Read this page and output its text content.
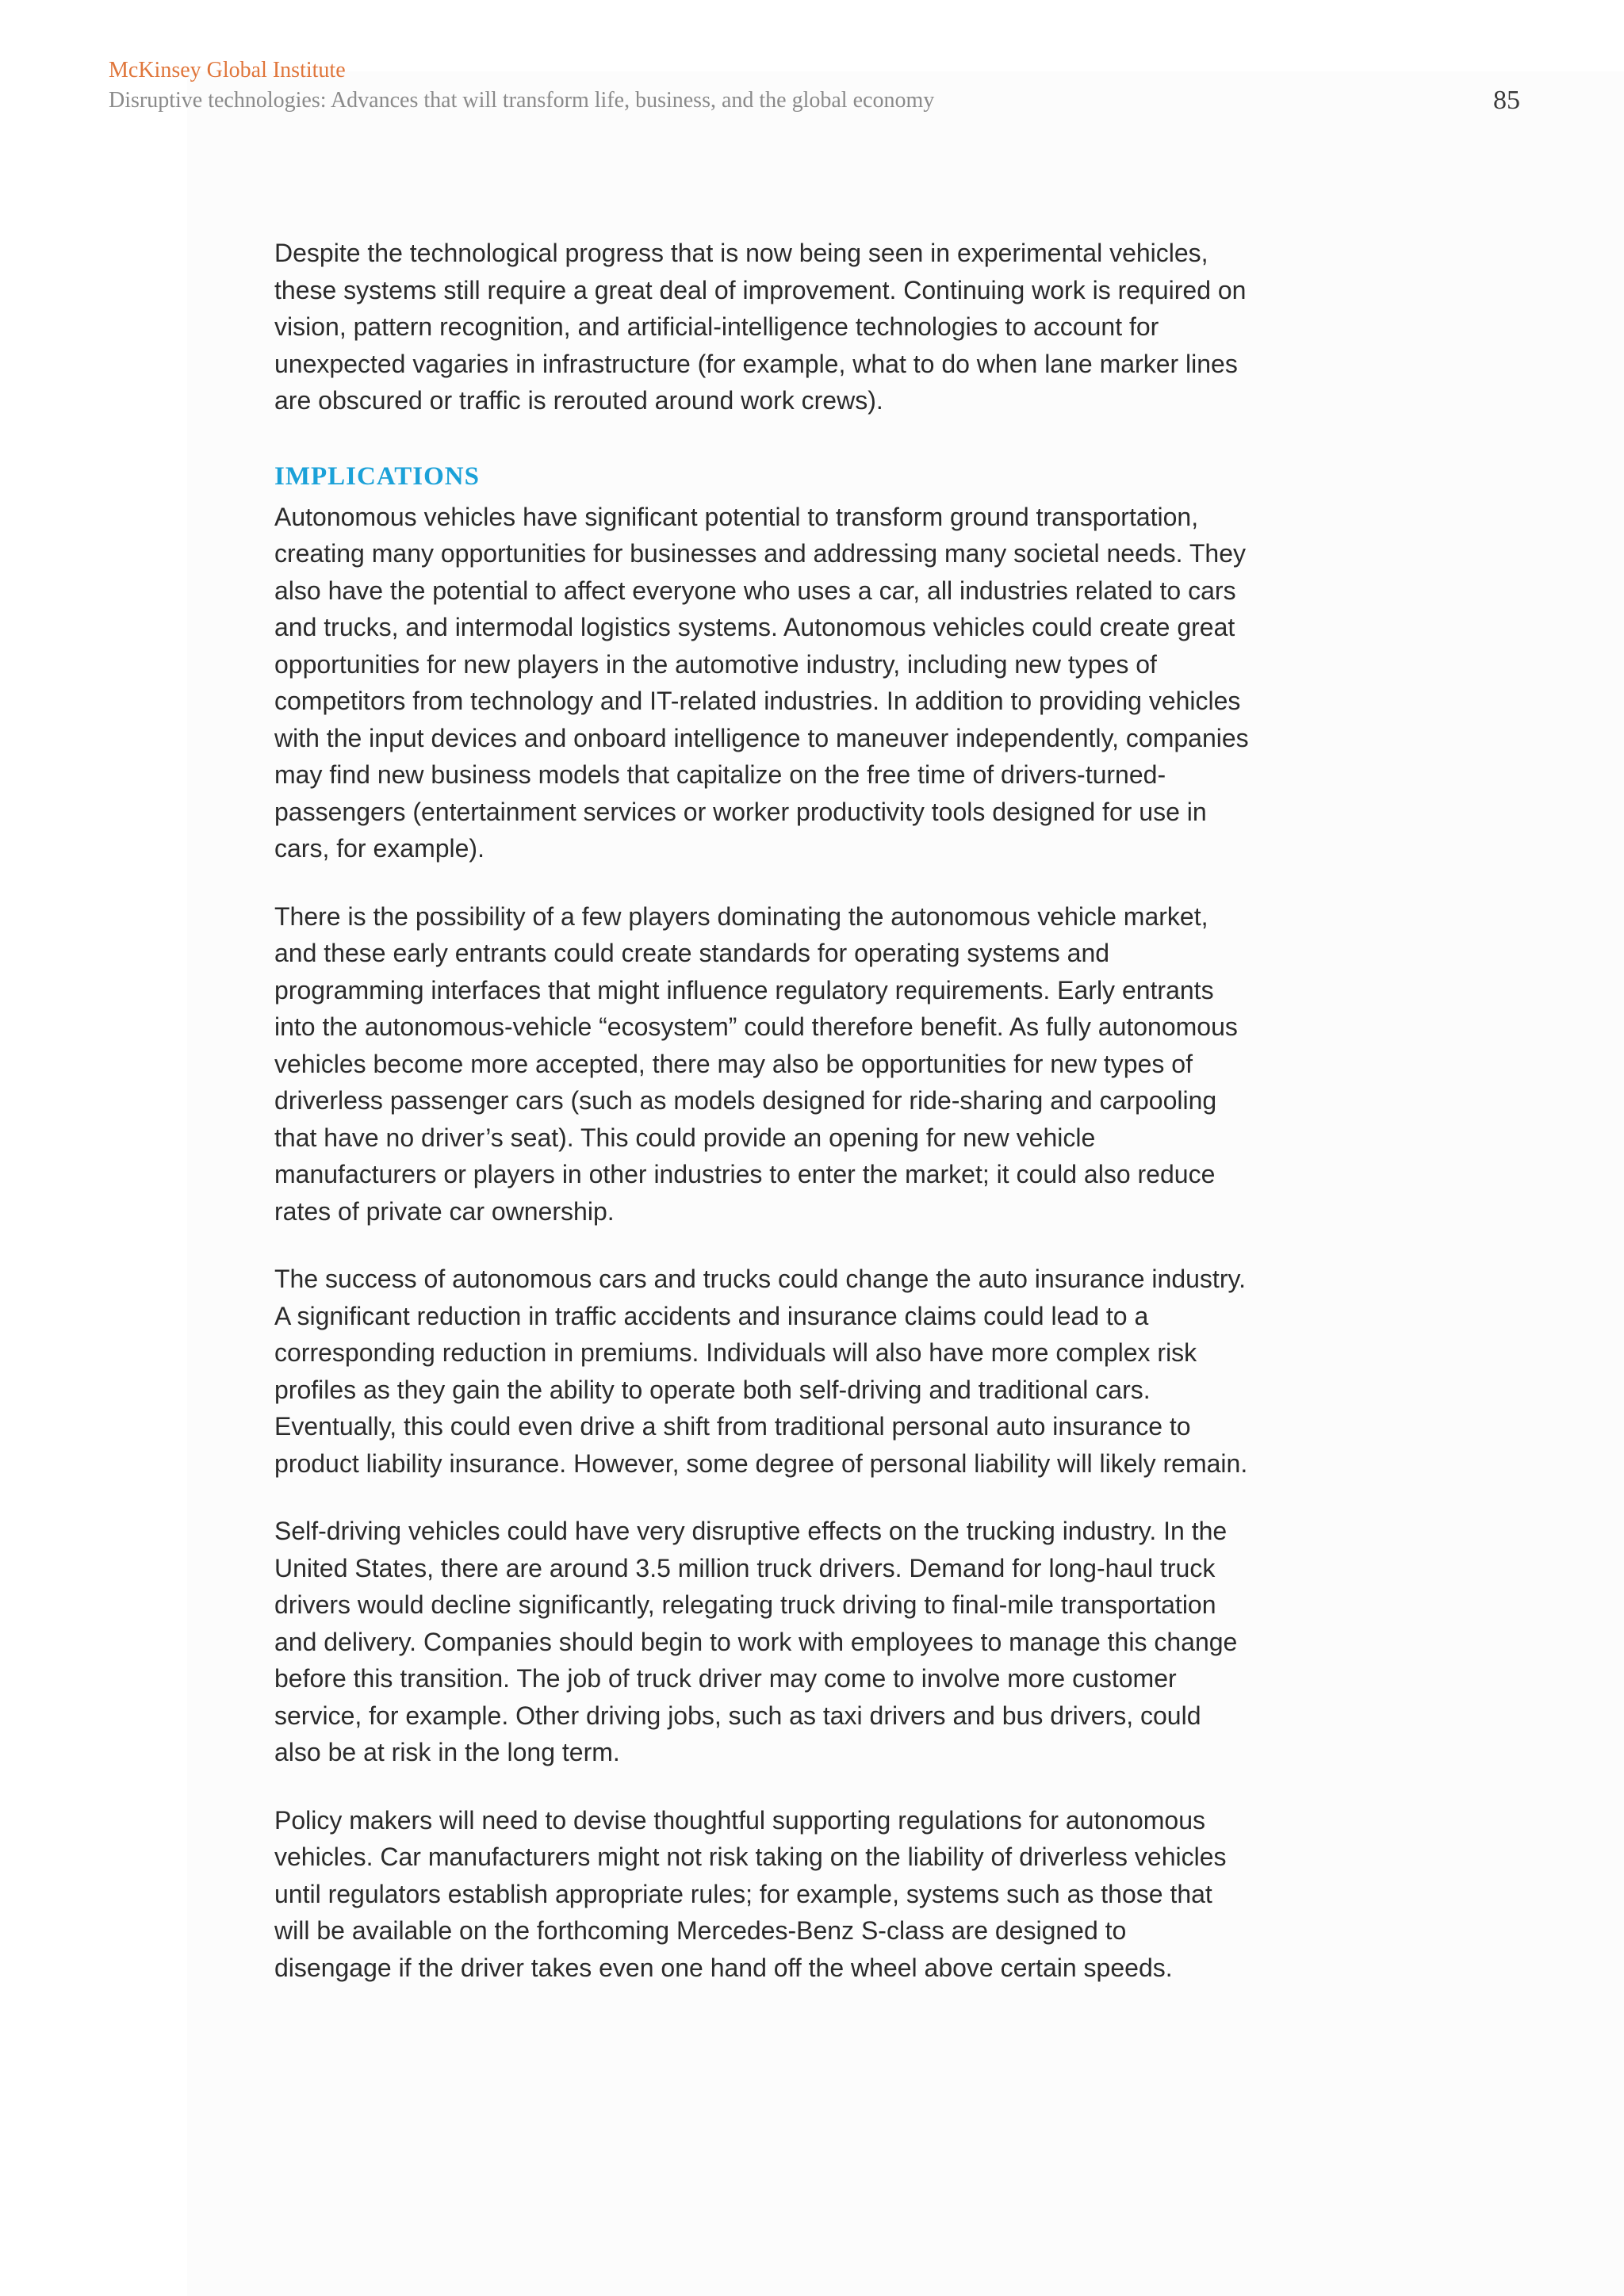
McKinsey Global Institute

Disruptive technologies: Advances that will transform life, business, and the global economy	85

Despite the technological progress that is now being seen in experimental vehicles, these systems still require a great deal of improvement. Continuing work is required on vision, pattern recognition, and artificial-intelligence technologies to account for unexpected vagaries in infrastructure (for example, what to do when lane marker lines are obscured or traffic is rerouted around work crews).

IMPLICATIONS

Autonomous vehicles have significant potential to transform ground transportation, creating many opportunities for businesses and addressing many societal needs. They also have the potential to affect everyone who uses a car, all industries related to cars and trucks, and intermodal logistics systems. Autonomous vehicles could create great opportunities for new players in the automotive industry, including new types of competitors from technology and IT-related industries. In addition to providing vehicles with the input devices and onboard intelligence to maneuver independently, companies may find new business models that capitalize on the free time of drivers-turned-passengers (entertainment services or worker productivity tools designed for use in cars, for example).

There is the possibility of a few players dominating the autonomous vehicle market, and these early entrants could create standards for operating systems and programming interfaces that might influence regulatory requirements. Early entrants into the autonomous-vehicle “ecosystem” could therefore benefit. As fully autonomous vehicles become more accepted, there may also be opportunities for new types of driverless passenger cars (such as models designed for ride-sharing and carpooling that have no driver’s seat). This could provide an opening for new vehicle manufacturers or players in other industries to enter the market; it could also reduce rates of private car ownership.

The success of autonomous cars and trucks could change the auto insurance industry. A significant reduction in traffic accidents and insurance claims could lead to a corresponding reduction in premiums. Individuals will also have more complex risk profiles as they gain the ability to operate both self-driving and traditional cars. Eventually, this could even drive a shift from traditional personal auto insurance to product liability insurance. However, some degree of personal liability will likely remain.

Self-driving vehicles could have very disruptive effects on the trucking industry. In the United States, there are around 3.5 million truck drivers. Demand for long-haul truck drivers would decline significantly, relegating truck driving to final-mile transportation and delivery. Companies should begin to work with employees to manage this change before this transition. The job of truck driver may come to involve more customer service, for example. Other driving jobs, such as taxi drivers and bus drivers, could also be at risk in the long term.

Policy makers will need to devise thoughtful supporting regulations for autonomous vehicles. Car manufacturers might not risk taking on the liability of driverless vehicles until regulators establish appropriate rules; for example, systems such as those that will be available on the forthcoming Mercedes-Benz S-class are designed to disengage if the driver takes even one hand off the wheel above certain speeds.
